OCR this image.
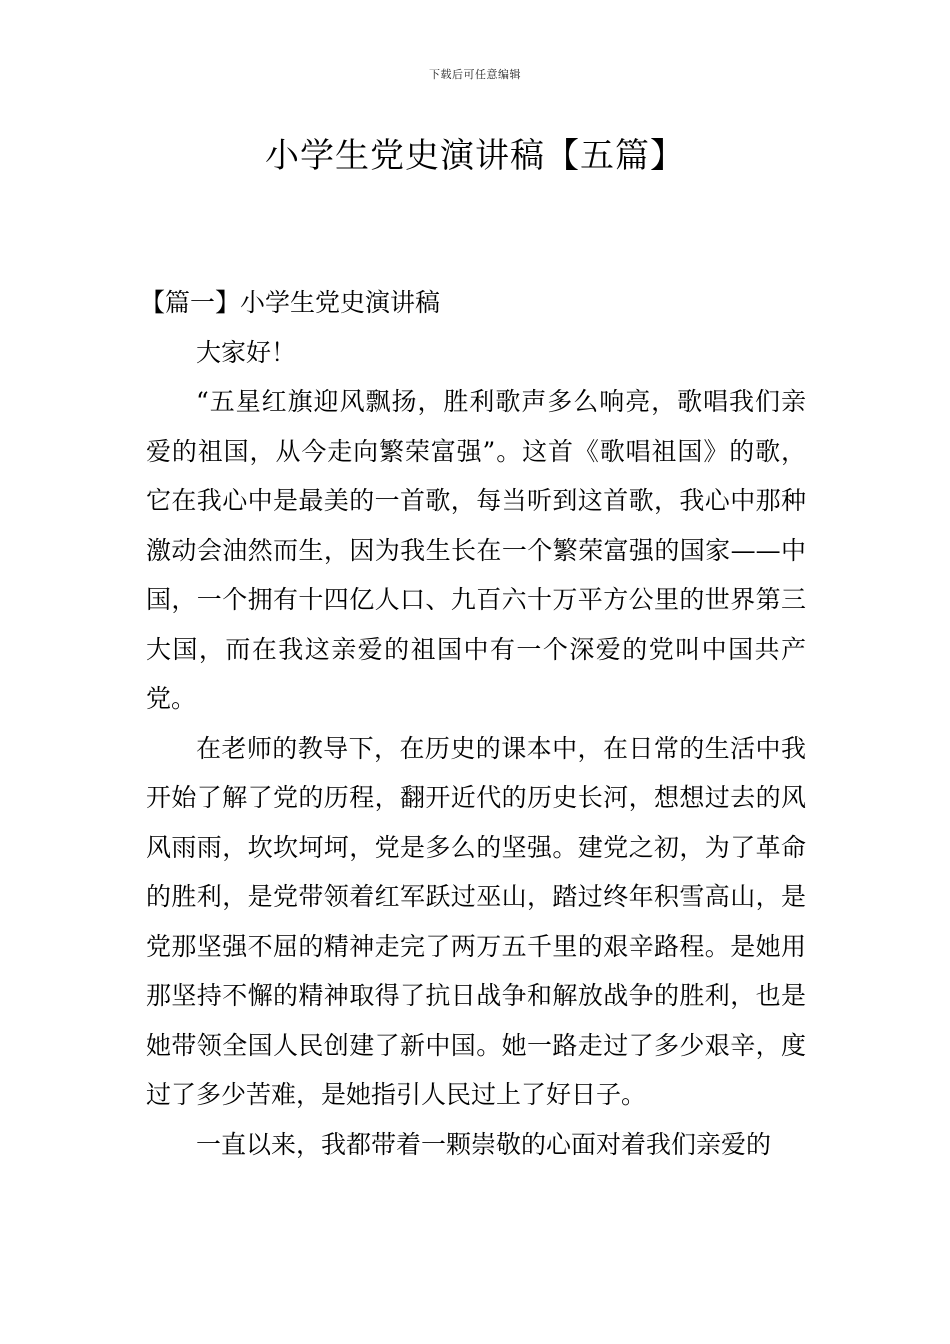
下载后可任意编辑
小学生党史演讲稿【五篇】
【篇一】小学生党史演讲稿

大家好！

“五星红旗迎风飘扬，胜利歌声多么响亮，歌唱我们亲爱的祖国，从今走向繁荣富强”。这首《歌唱祖国》的歌，它在我心中是最美的一首歌，每当听到这首歌，我心中那种激动会油然而生，因为我生长在一个繁荣富强的国家——中国，一个拥有十四亿人口、九百六十万平方公里的世界第三大国，而在我这亲爱的祖国中有一个深爱的党叫中国共产党。

在老师的教导下，在历史的课本中，在日常的生活中我开始了解了党的历程，翻开近代的历史长河，想想过去的风风雨雨，坎坎坷坷，党是多么的坚强。建党之初，为了革命的胜利，是党带领着红军跃过巫山，踏过终年积雪高山，是党那坚强不屈的精神走完了两万五千里的艰辛路程。是她用那坚持不懈的精神取得了抗日战争和解放战争的胜利，也是她带领全国人民创建了新中国。她一路走过了多少艰辛，度过了多少苦难，是她指引人民过上了好日子。

一直以来，我都带着一颗崇敬的心面对着我们亲爱的
